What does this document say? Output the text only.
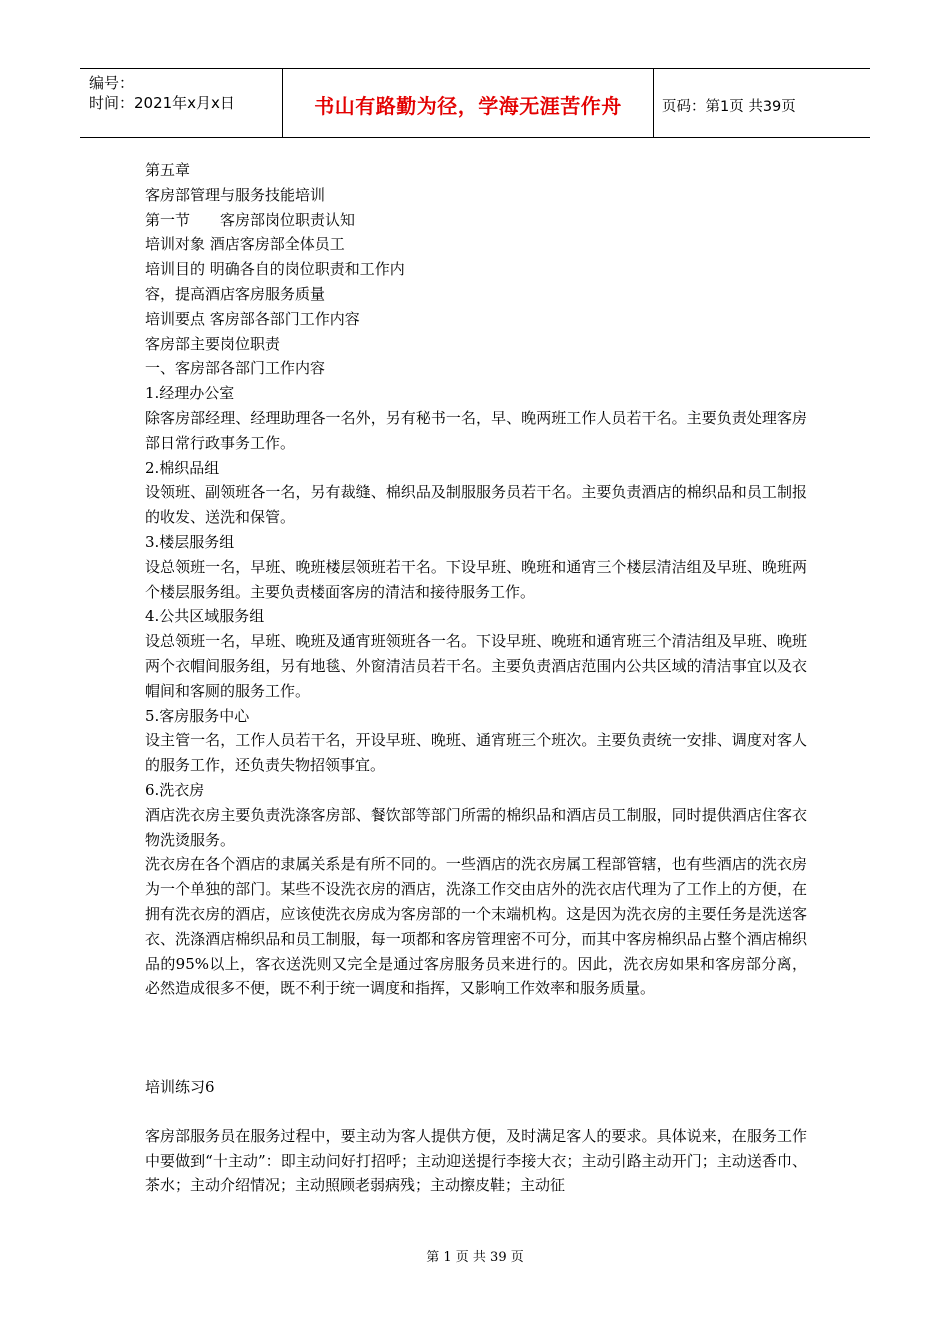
编号：
时间：2021年x月x日	书山有路勤为径，学海无涯苦作舟	页码：第1页 共39页

第五章

客房部管理与服务技能培训

第一节　　客房部岗位职责认知

培训对象 酒店客房部全体员工

培训目的 明确各自的岗位职责和工作内

容，提高酒店客房服务质量

培训要点 客房部各部门工作内容

客房部主要岗位职责

一、客房部各部门工作内容

1.经理办公室

除客房部经理、经理助理各一名外，另有秘书一名，早、晚两班工作人员若干名。主要负责处理客房部日常行政事务工作。

2.棉织品组

设领班、副领班各一名，另有裁缝、棉织品及制服服务员若干名。主要负责酒店的棉织品和员工制报的收发、送洗和保管。

3.楼层服务组

设总领班一名，早班、晚班楼层领班若干名。下设早班、晚班和通宵三个楼层清洁组及早班、晚班两个楼层服务组。主要负责楼面客房的清洁和接待服务工作。

4.公共区域服务组

设总领班一名，早班、晚班及通宵班领班各一名。下设早班、晚班和通宵班三个清洁组及早班、晚班两个衣帽间服务组，另有地毯、外窗清洁员若干名。主要负责酒店范围内公共区域的清洁事宜以及衣帽间和客厕的服务工作。

5.客房服务中心

设主管一名，工作人员若干名，开设早班、晚班、通宵班三个班次。主要负责统一安排、调度对客人的服务工作，还负责失物招领事宜。

6.洗衣房

酒店洗衣房主要负责洗涤客房部、餐饮部等部门所需的棉织品和酒店员工制服，同时提供酒店住客衣物洗烫服务。

洗衣房在各个酒店的隶属关系是有所不同的。一些酒店的洗衣房属工程部管辖，也有些酒店的洗衣房为一个单独的部门。某些不设洗衣房的酒店，洗涤工作交由店外的洗衣店代理为了工作上的方便，在拥有洗衣房的酒店，应该使洗衣房成为客房部的一个末端机构。这是因为洗衣房的主要任务是洗送客衣、洗涤酒店棉织品和员工制服，每一项都和客房管理密不可分，而其中客房棉织品占整个酒店棉织品的95%以上，客衣送洗则又完全是通过客房服务员来进行的。因此，洗衣房如果和客房部分离，必然造成很多不便，既不利于统一调度和指挥，又影响工作效率和服务质量。

培训练习6

客房部服务员在服务过程中，要主动为客人提供方便，及时满足客人的要求。具体说来，在服务工作中要做到“十主动”：即主动问好打招呼；主动迎送提行李接大衣；主动引路主动开门；主动送香巾、茶水；主动介绍情况；主动照顾老弱病残；主动擦皮鞋；主动征

第 1 页 共 39 页
